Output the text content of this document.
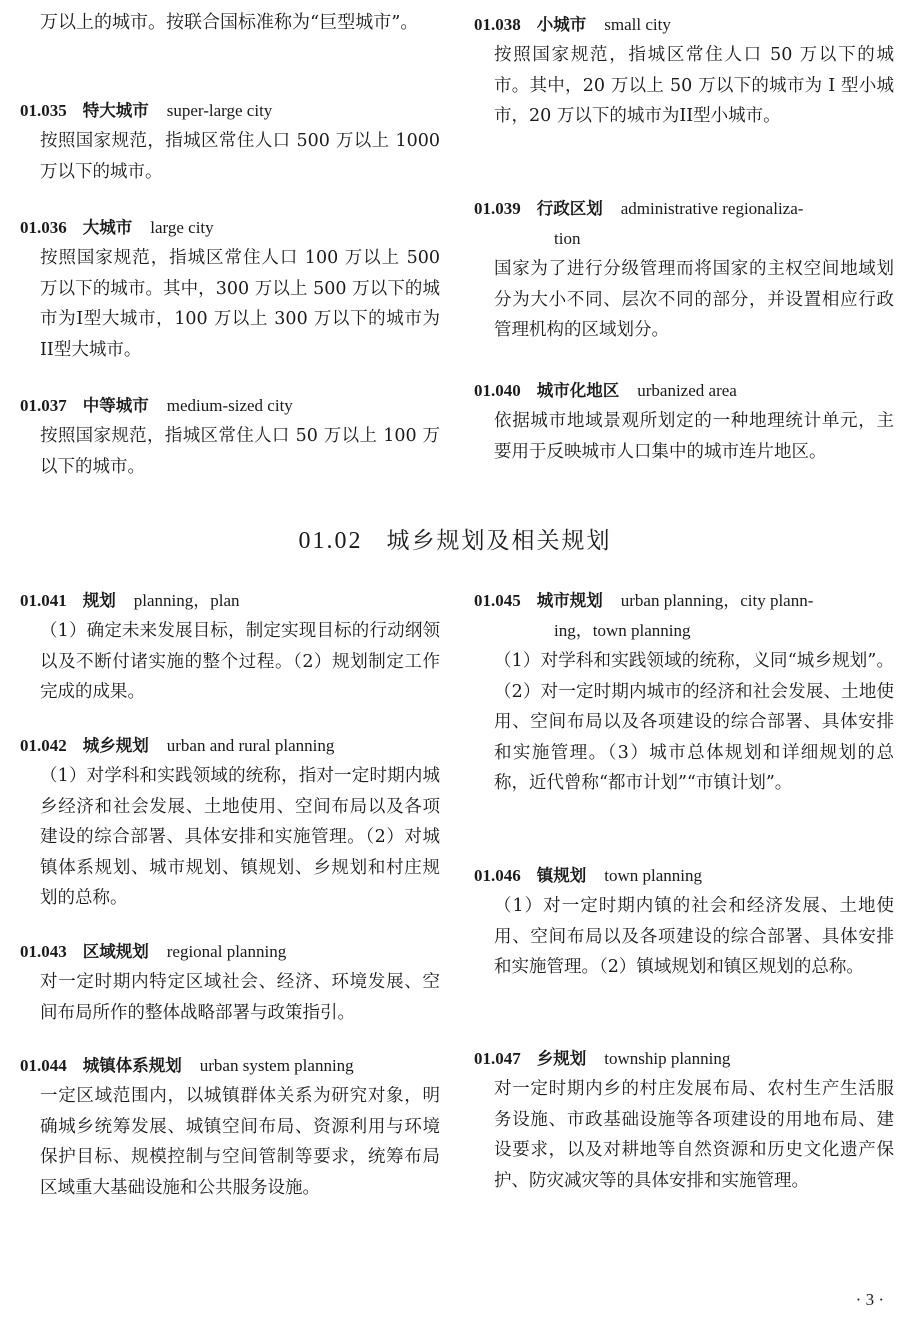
万以上的城市。按联合国标准称为“巨型城市”。
01.035 特大城市 super-large city
按照国家规范，指城区常住人口 500 万以上 1000 万以下的城市。
01.036 大城市 large city
按照国家规范，指城区常住人口 100 万以上 500 万以下的城市。其中，300 万以上 500 万以下的城市为I型大城市，100 万以上 300 万以下的城市为II型大城市。
01.037 中等城市 medium-sized city
按照国家规范，指城区常住人口 50 万以上 100 万以下的城市。
01.038 小城市 small city
按照国家规范，指城区常住人口 50 万以下的城市。其中，20 万以上 50 万以下的城市为 I 型小城市，20 万以下的城市为II型小城市。
01.039 行政区划 administrative regionaliza-
tion
国家为了进行分级管理而将国家的主权空间地域划分为大小不同、层次不同的部分，并设置相应行政管理机构的区域划分。
01.040 城市化地区 urbanized area
依据城市地域景观所划定的一种地理统计单元，主要用于反映城市人口集中的城市连片地区。
01.02 城乡规划及相关规划
01.041 规划 planning，plan
（1）确定未来发展目标，制定实现目标的行动纲领以及不断付诸实施的整个过程。（2）规划制定工作完成的成果。
01.042 城乡规划 urban and rural planning
（1）对学科和实践领域的统称，指对一定时期内城乡经济和社会发展、土地使用、空间布局以及各项建设的综合部署、具体安排和实施管理。（2）对城镇体系规划、城市规划、镇规划、乡规划和村庄规划的总称。
01.043 区域规划 regional planning
对一定时期内特定区域社会、经济、环境发展、空间布局所作的整体战略部署与政策指引。
01.044 城镇体系规划 urban system planning
一定区域范围内，以城镇群体关系为研究对象，明确城乡统筹发展、城镇空间布局、资源利用与环境保护目标、规模控制与空间管制等要求，统筹布局区域重大基础设施和公共服务设施。
01.045 城市规划 urban planning，city plann-
ing，town planning
（1）对学科和实践领域的统称，义同“城乡规划”。（2）对一定时期内城市的经济和社会发展、土地使用、空间布局以及各项建设的综合部署、具体安排和实施管理。（3）城市总体规划和详细规划的总称，近代曾称“都市计划”“市镇计划”。
01.046 镇规划 town planning
（1）对一定时期内镇的社会和经济发展、土地使用、空间布局以及各项建设的综合部署、具体安排和实施管理。（2）镇域规划和镇区规划的总称。
01.047 乡规划 township planning
对一定时期内乡的村庄发展布局、农村生产生活服务设施、市政基础设施等各项建设的用地布局、建设要求，以及对耕地等自然资源和历史文化遗产保护、防灾减灾等的具体安排和实施管理。
· 3 ·
